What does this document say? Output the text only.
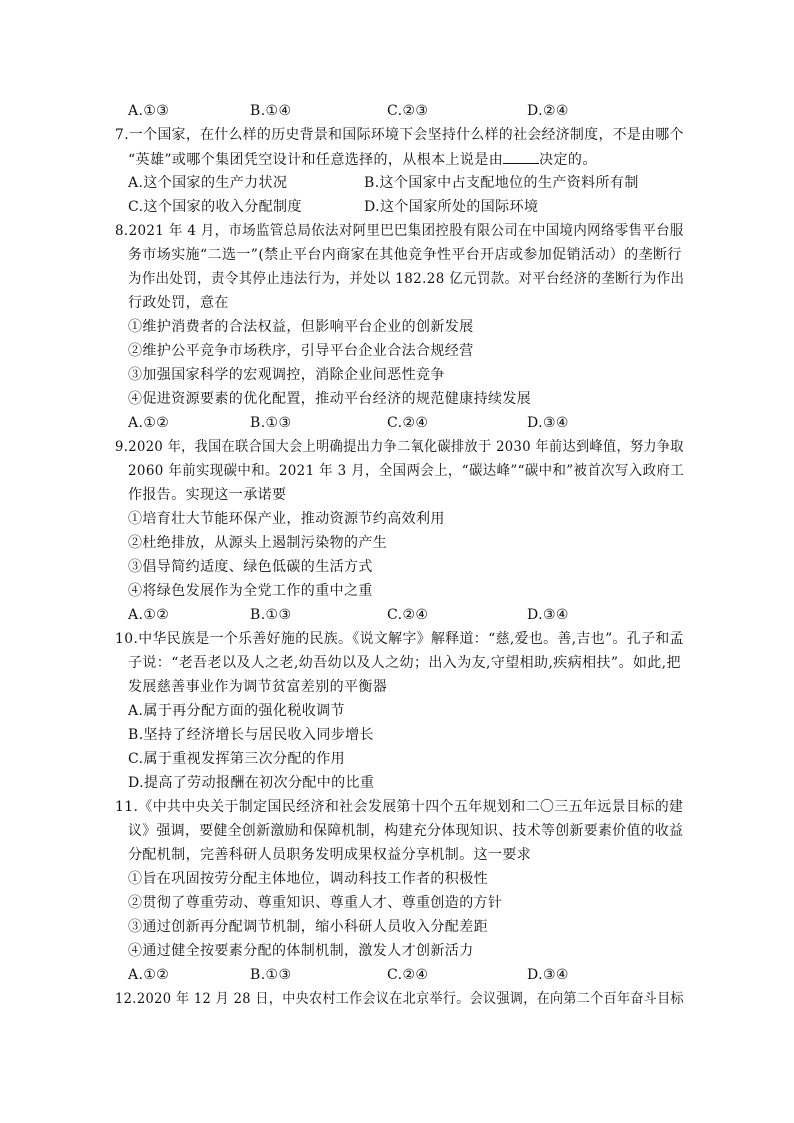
A.①③	B.①④	C.②③	D.②④
7.一个国家，在什么样的历史背景和国际环境下会坚持什么样的社会经济制度，不是由哪个
“英雄”或哪个集团凭空设计和任意选择的，从根本上说是由	决定的。
A.这个国家的生产力状况	B.这个国家中占支配地位的生产资料所有制
C.这个国家的收入分配制度	D.这个国家所处的国际环境
8.2021 年 4 月，市场监管总局依法对阿里巴巴集团控股有限公司在中国境内网络零售平台服
务市场实施“二选一”(禁止平台内商家在其他竞争性平台开店或参加促销活动）的垄断行
为作出处罚，责令其停止违法行为，并处以 182.28 亿元罚款。对平台经济的垄断行为作出
行政处罚，意在
①维护消费者的合法权益，但影响平台企业的创新发展
②维护公平竞争市场秩序，引导平台企业合法合规经营
③加强国家科学的宏观调控，消除企业间恶性竞争
④促进资源要素的优化配置，推动平台经济的规范健康持续发展
A.①②	B.①③	C.②④	D.③④
9.2020 年，我国在联合国大会上明确提出力争二氧化碳排放于 2030 年前达到峰值，努力争取
2060 年前实现碳中和。2021 年 3 月，全国两会上，“碳达峰”“碳中和”被首次写入政府工
作报告。实现这一承诺要
①培育壮大节能环保产业，推动资源节约高效利用
②杜绝排放，从源头上遏制污染物的产生
③倡导简约适度、绿色低碳的生活方式
④将绿色发展作为全党工作的重中之重
A.①②	B.①③	C.②④	D.③④
10.中华民族是一个乐善好施的民族。《说文解字》解释道：“慈,爱也。善,吉也”。孔子和孟
子说：“老吾老以及人之老,幼吾幼以及人之幼；出入为友,守望相助,疾病相扶”。如此,把
发展慈善事业作为调节贫富差别的平衡器
A.属于再分配方面的强化税收调节
B.坚持了经济增长与居民收入同步增长
C.属于重视发挥第三次分配的作用
D.提高了劳动报酬在初次分配中的比重
11.《中共中央关于制定国民经济和社会发展第十四个五年规划和二〇三五年远景目标的建
议》强调，要健全创新激励和保障机制，构建充分体现知识、技术等创新要素价值的收益
分配机制，完善科研人员职务发明成果权益分享机制。这一要求
①旨在巩固按劳分配主体地位，调动科技工作者的积极性
②贯彻了尊重劳动、尊重知识、尊重人才、尊重创造的方针
③通过创新再分配调节机制，缩小科研人员收入分配差距
④通过健全按要素分配的体制机制，激发人才创新活力
A.①②	B.①③	C.②④	D.③④
12.2020 年 12 月 28 日，中央农村工作会议在北京举行。会议强调，在向第二个百年奋斗目标
